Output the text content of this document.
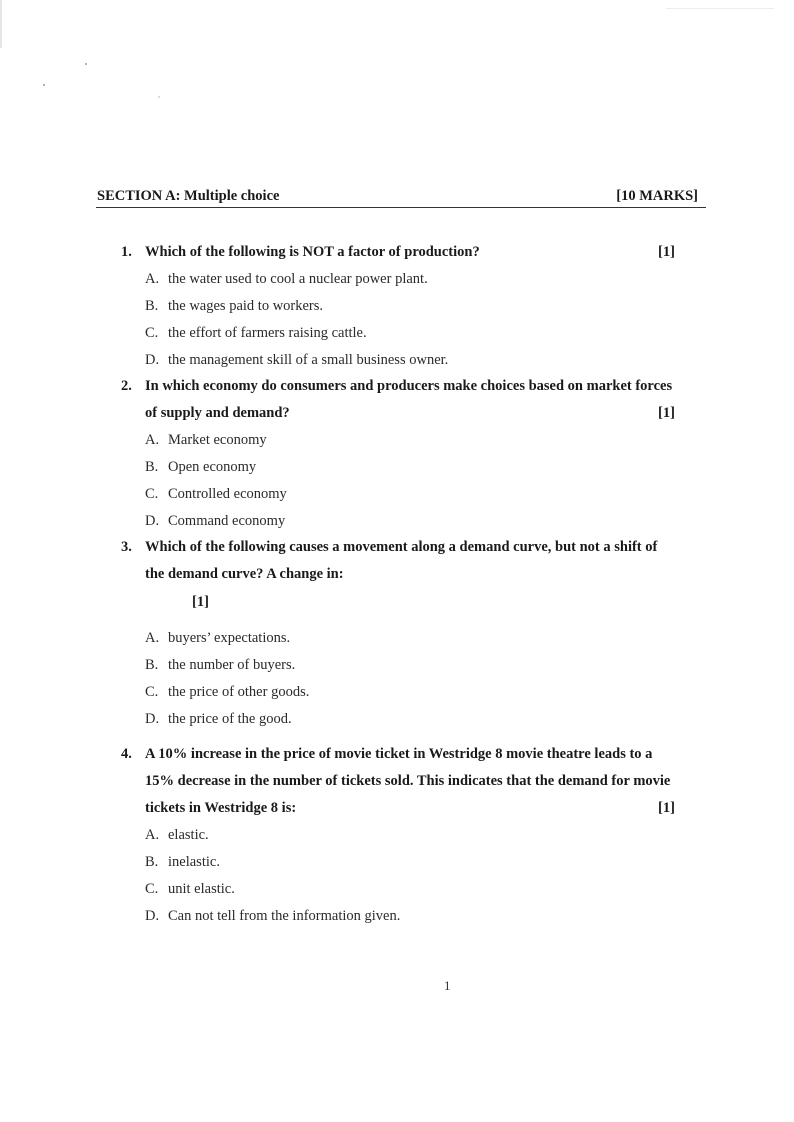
SECTION A: Multiple choice	[10 MARKS]
1. Which of the following is NOT a factor of production?	[1]
A. the water used to cool a nuclear power plant.
B. the wages paid to workers.
C. the effort of farmers raising cattle.
D. the management skill of a small business owner.
2. In which economy do consumers and producers make choices based on market forces
of supply and demand?	[1]
A. Market economy
B. Open economy
C. Controlled economy
D. Command economy
3. Which of the following causes a movement along a demand curve, but not a shift of
the demand curve? A change in:
[1]
A. buyers’ expectations.
B. the number of buyers.
C. the price of other goods.
D. the price of the good.
4. A 10% increase in the price of movie ticket in Westridge 8 movie theatre leads to a
15% decrease in the number of tickets sold. This indicates that the demand for movie
tickets in Westridge 8 is:	[1]
A. elastic.
B. inelastic.
C. unit elastic.
D. Can not tell from the information given.
1
